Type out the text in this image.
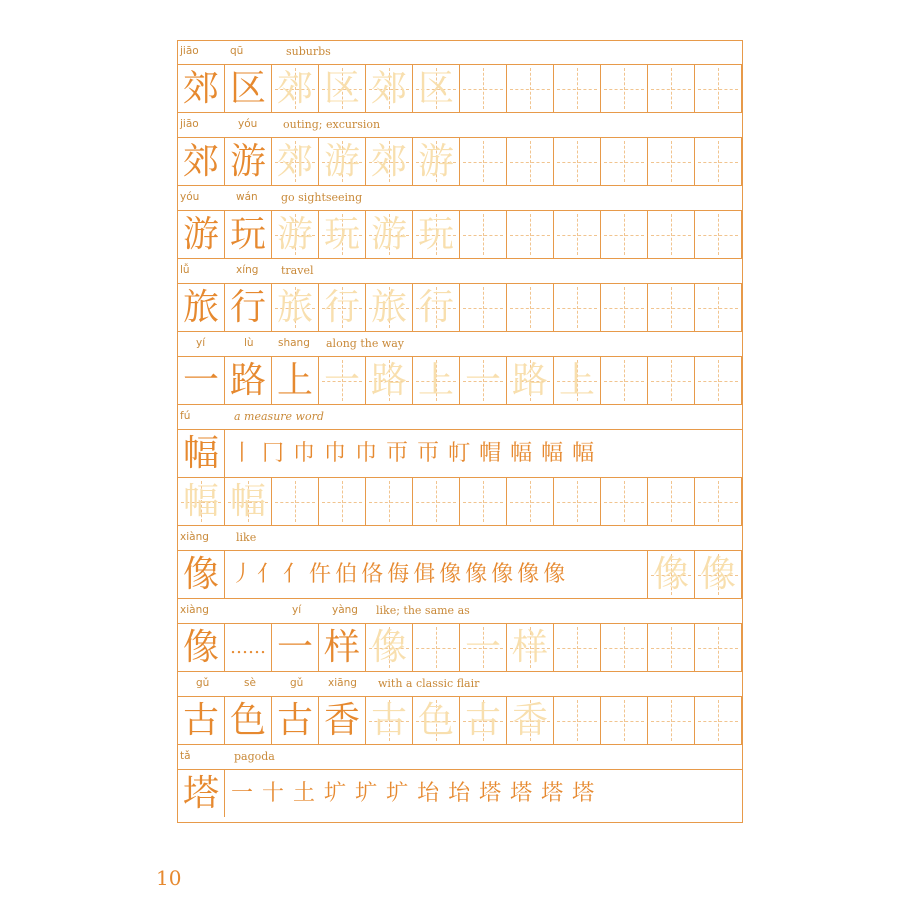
jiāo	qū	suburbs
郊 区 郊 区 郊 区
jiāo	yóu outing; excursion
郊 游 郊 游 郊 游
yóu	wán go sightseeing
游 玩 游 玩 游 玩
lǚ	xíng travel
旅 行 旅 行 旅 行
yí	lù shang along the way
一 路 上 一 路 上 一 路 上
fú	a measure word
幅 丨 冂 巾 巾 巾 帀 帀 帄 帽 幅 幅 幅
幅 幅
xiàng like
像 丿 亻 亻 仵 伯 佫 侮 偮 像 像 像 像 像 像 像
xiàng	yí	yàng like; the same as
像 …… 一 样 像 一 样
gǔ	sè	gǔ xiāng with a classic flair
古 色 古 香 古 色 古 香
tǎ	pagoda
塔 一 十 土 圹 圹 圹 坮 坮 塔 塔 塔 塔
10
